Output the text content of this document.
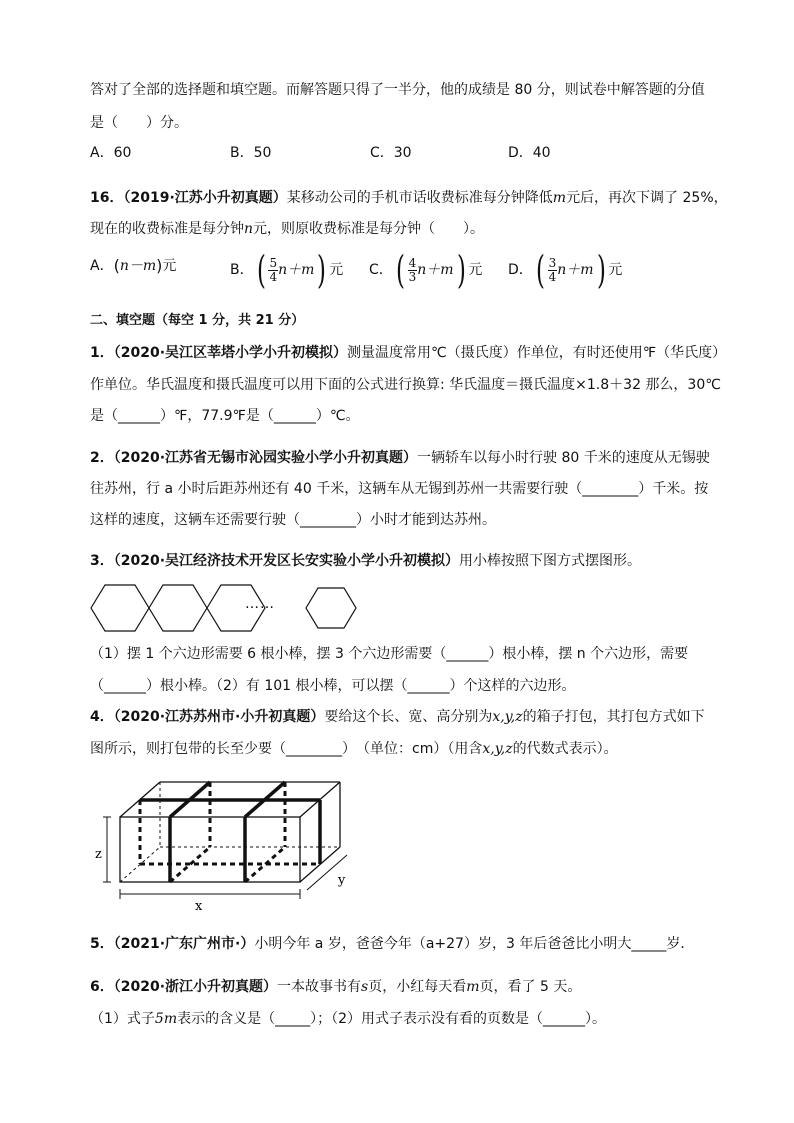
答对了全部的选择题和填空题。而解答题只得了一半分，他的成绩是 80 分，则试卷中解答题的分值
是（　　）分。
A．60	B．50	C．30	D．40
16．（2019·江苏小升初真题）某移动公司的手机市话收费标准每分钟降低m元后，再次下调了 25%，
现在的收费标准是每分钟n元，则原收费标准是每分钟（　　）。
A．(n－m)元	B．( $\frac{5}{4} n+m$) 元 C．( $\frac{4}{3} n+m$) 元 D．( $\frac{3}{4} n+m$) 元
二、填空题（每空 1 分，共 21 分）
1．（2020·吴江区莘塔小学小升初模拟）测量温度常用℃（摄氏度）作单位，有时还使用℉（华氏度）
作单位。华氏温度和摄氏温度可以用下面的公式进行换算: 华氏温度＝摄氏温度×1.8＋32 那么，30℃
是（______）℉，77.9℉是（______）℃。
2．（2020·江苏省无锡市沁园实验小学小升初真题）一辆轿车以每小时行驶 80 千米的速度从无锡驶
往苏州，行 a 小时后距苏州还有 40 千米，这辆车从无锡到苏州一共需要行驶（________）千米。按
这样的速度，这辆车还需要行驶（________）小时才能到达苏州。
3．（2020·吴江经济技术开发区长安实验小学小升初模拟）用小棒按照下图方式摆图形。
……
（1）摆 1 个六边形需要 6 根小棒，摆 3 个六边形需要（______）根小棒，摆 n 个六边形，需要
（______）根小棒。（2）有 101 根小棒，可以摆（______）个这样的六边形。
4．（2020·江苏苏州市·小升初真题）要给这个长、宽、高分别为x,y,z的箱子打包，其打包方式如下
图所示，则打包带的长至少要（________）　（单位：cm）（用含x,y,z的代数式表示）。
z
y
x
5．（2021·广东广州市·）小明今年 a 岁，爸爸今年（a+27）岁，3 年后爸爸比小明大_____岁．
6．（2020·浙江小升初真题）一本故事书有s页，小红每天看m页，看了 5 天。
（1）式子5m表示的含义是（_____）；（2）用式子表示没有看的页数是（______）。
